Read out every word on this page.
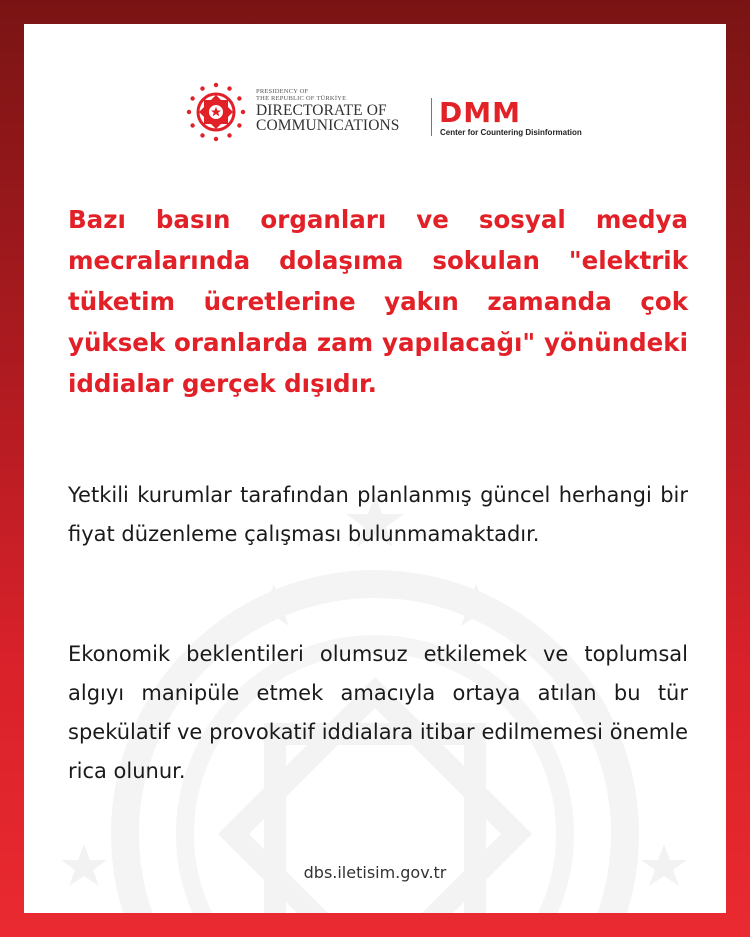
PRESIDENCY OF
THE REPUBLIC OF TÜRKİYE
DIRECTORATE OF
COMMUNICATIONS DMM
Center for Countering Disinformation
Bazı basın organları ve sosyal medya mecralarında dolaşıma sokulan "elektrik tüketim ücretlerine yakın zamanda çok yüksek oranlarda zam yapılacağı" yönündeki iddialar gerçek dışıdır.
Yetkili kurumlar tarafından planlanmış güncel herhangi bir fiyat düzenleme çalışması bulunmamaktadır.
Ekonomik beklentileri olumsuz etkilemek ve toplumsal algıyı manipüle etmek amacıyla ortaya atılan bu tür spekülatif ve provokatif iddialara itibar edilmemesi önemle rica olunur.
dbs.iletisim.gov.tr
